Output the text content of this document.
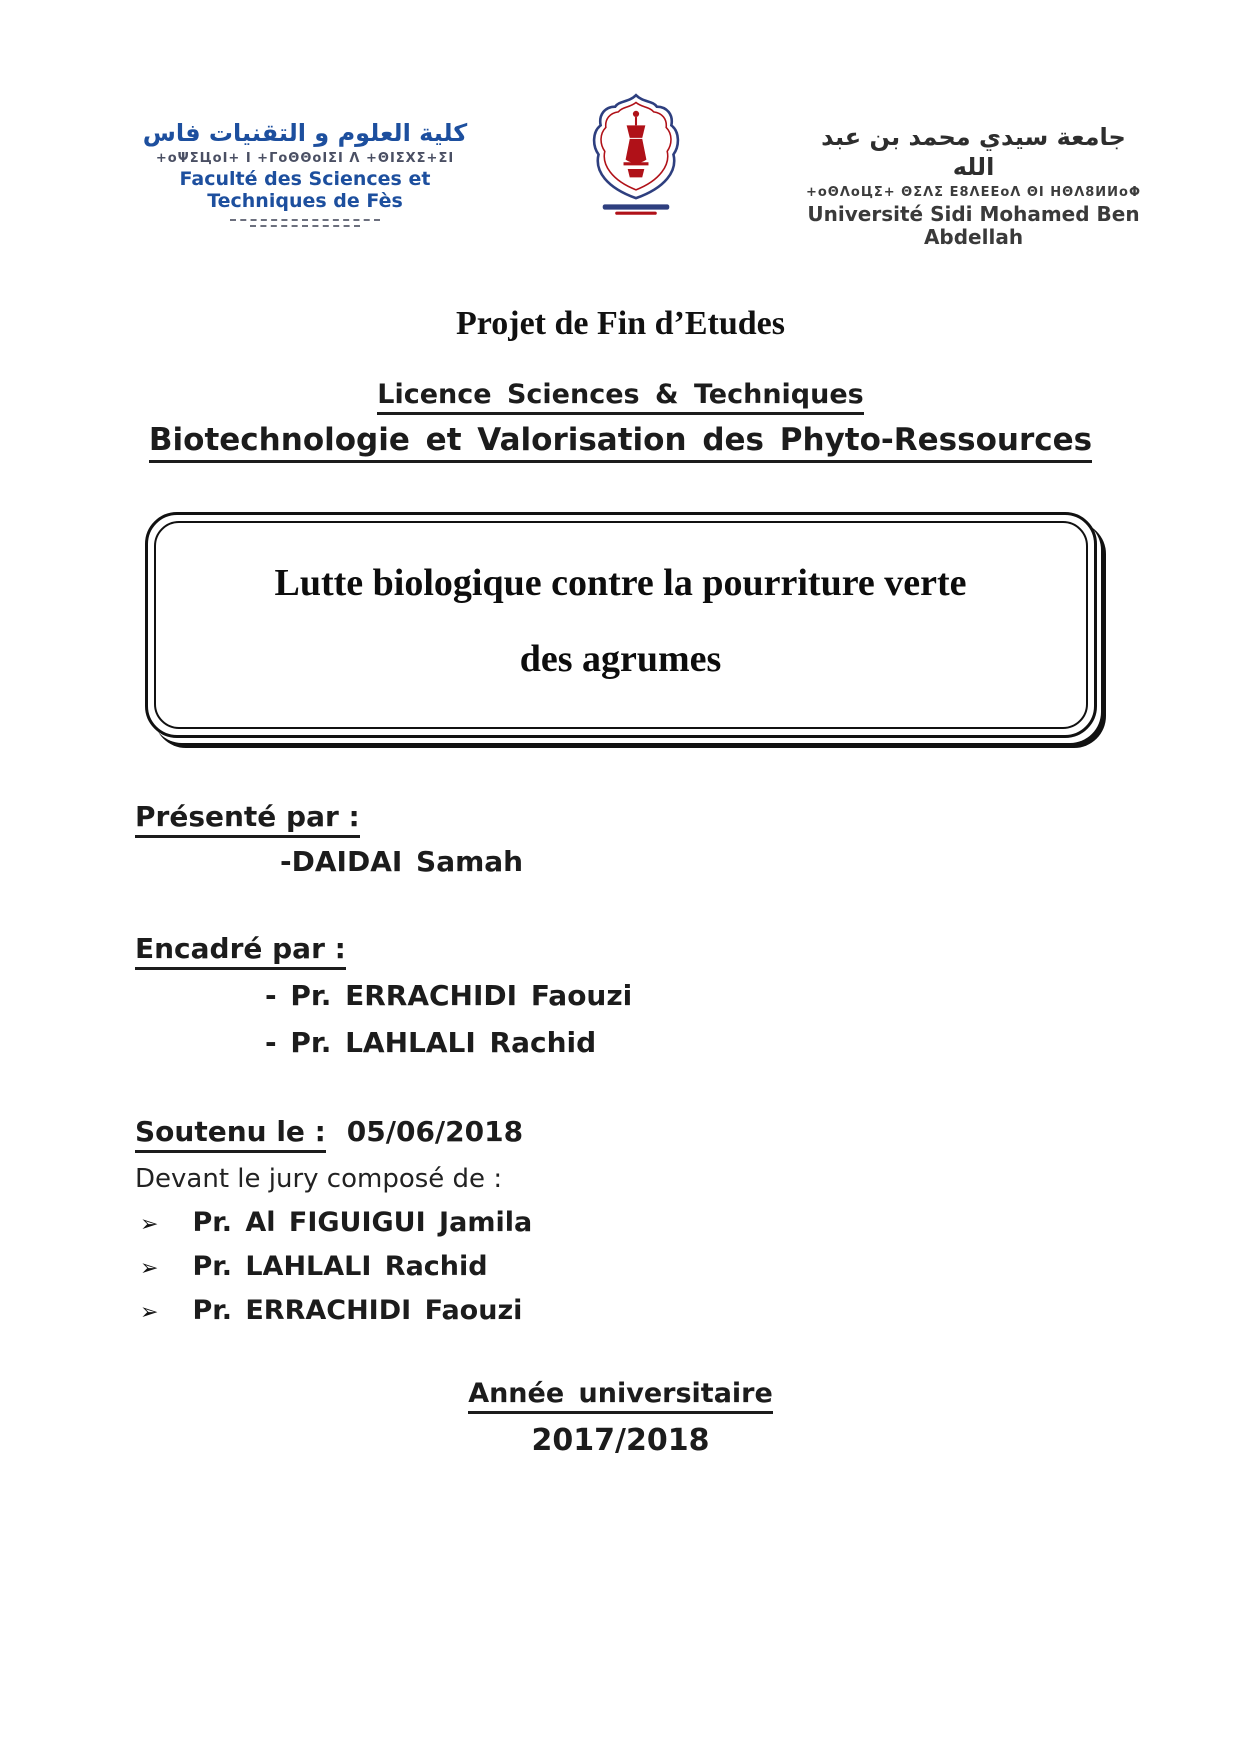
كلية العلوم و التقنيات فاس
+oΨΣЦoI+ I +ΓoΘΘoIΣI Λ +ΘIΣXΣ+ΣI
Faculté des Sciences et Techniques de Fès
جامعة سيدي محمد بن عبد الله
+oΘΛoЦΣ+ ΘΣΛΣ Ε8ΛΕΕoΛ ΘI ΗΘΛ8ИИoΦ
Université Sidi Mohamed Ben Abdellah
Projet de Fin d’Etudes
Licence Sciences & Techniques
Biotechnologie et Valorisation des Phyto-Ressources
Lutte biologique contre la pourriture verte
des agrumes
Présenté par :
-DAIDAI Samah
Encadré par :
- Pr. ERRACHIDI Faouzi
- Pr. LAHLALI Rachid
Soutenu le : 05/06/2018
Devant le jury composé de :
➢ Pr. Al FIGUIGUI Jamila
➢ Pr. LAHLALI Rachid
➢ Pr. ERRACHIDI Faouzi
Année universitaire
2017/2018
